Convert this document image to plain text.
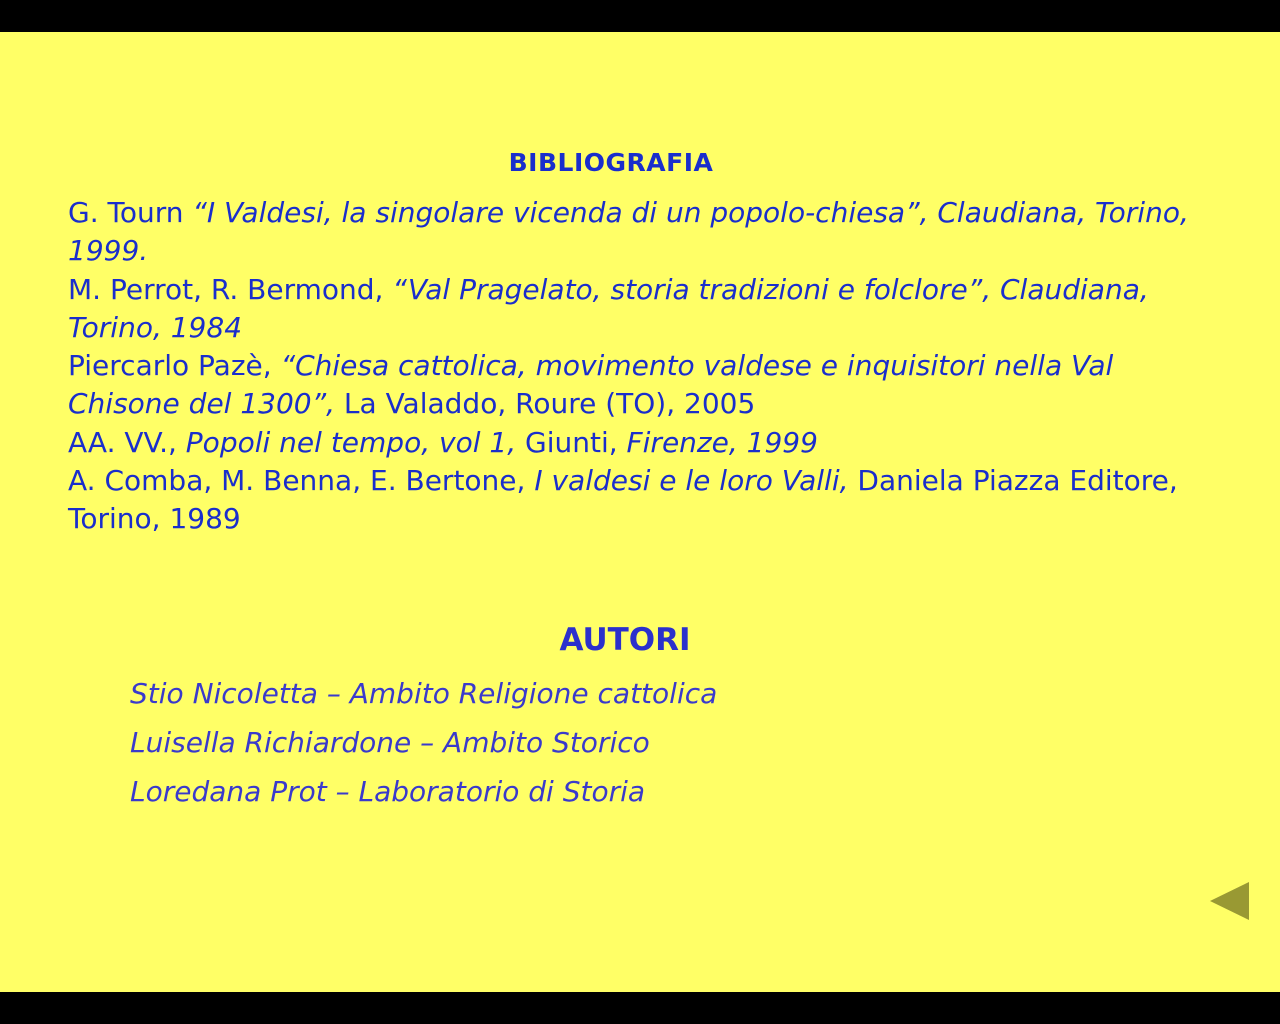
BIBLIOGRAFIA
G. Tourn “I Valdesi, la singolare vicenda di un popolo-chiesa”, Claudiana, Torino, 1999.
M. Perrot, R. Bermond, “Val Pragelato, storia tradizioni e folclore”, Claudiana, Torino, 1984
Piercarlo Pazè, “Chiesa cattolica, movimento valdese e inquisitori nella Val Chisone del 1300”, La Valaddo, Roure (TO), 2005
AA. VV., Popoli nel tempo, vol 1, Giunti, Firenze, 1999
A. Comba, M. Benna, E. Bertone, I valdesi e le loro Valli, Daniela Piazza Editore, Torino, 1989
AUTORI
Stio Nicoletta – Ambito Religione cattolica
Luisella Richiardone – Ambito Storico
Loredana Prot – Laboratorio di Storia
